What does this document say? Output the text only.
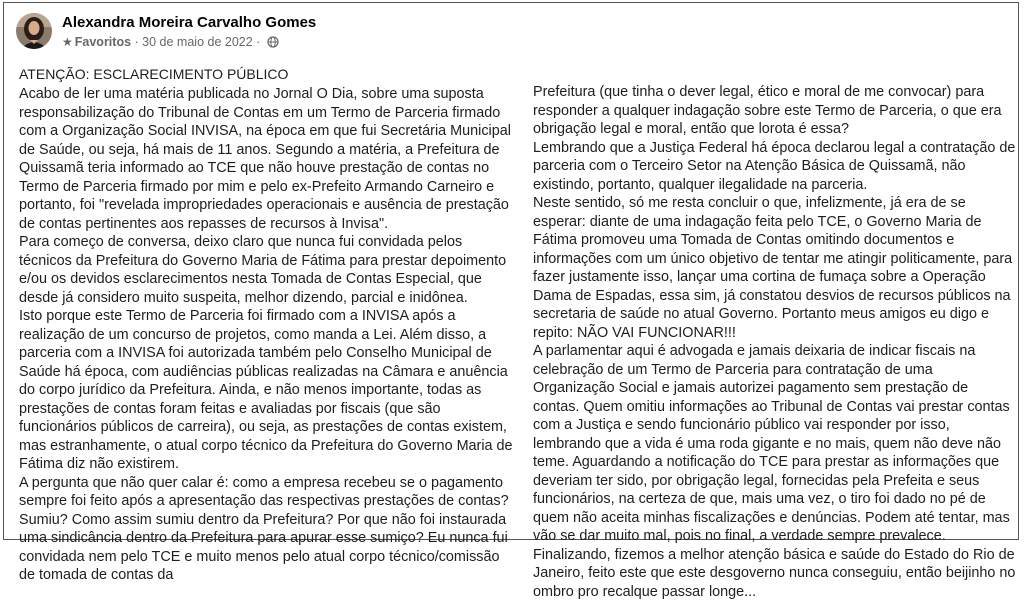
Alexandra Moreira Carvalho Gomes
★ Favoritos · 30 de maio de 2022 ·
ATENÇÃO: ESCLARECIMENTO PÚBLICO

Acabo de ler uma matéria publicada no Jornal O Dia, sobre uma suposta responsabilização do Tribunal de Contas em um Termo de Parceria firmado com a Organização Social INVISA, na época em que fui Secretária Municipal de Saúde, ou seja, há mais de 11 anos. Segundo a matéria, a Prefeitura de Quissamã teria informado ao TCE que não houve prestação de contas no Termo de Parceria firmado por mim e pelo ex-Prefeito Armando Carneiro e portanto, foi "revelada impropriedades operacionais e ausência de prestação de contas pertinentes aos repasses de recursos à Invisa".

Para começo de conversa, deixo claro que nunca fui convidada pelos técnicos da Prefeitura do Governo Maria de Fátima para prestar depoimento e/ou os devidos esclarecimentos nesta Tomada de Contas Especial, que desde já considero muito suspeita, melhor dizendo, parcial e inidônea.

Isto porque este Termo de Parceria foi firmado com a INVISA após a realização de um concurso de projetos, como manda a Lei. Além disso, a parceria com a INVISA foi autorizada também pelo Conselho Municipal de Saúde há época, com audiências públicas realizadas na Câmara e anuência do corpo jurídico da Prefeitura. Ainda, e não menos importante, todas as prestações de contas foram feitas e avaliadas por fiscais (que são funcionários públicos de carreira), ou seja, as prestações de contas existem, mas estranhamente, o atual corpo técnico da Prefeitura do Governo Maria de Fátima diz não existirem.

A pergunta que não quer calar é: como a empresa recebeu se o pagamento sempre foi feito após a apresentação das respectivas prestações de contas? Sumiu? Como assim sumiu dentro da Prefeitura? Por que não foi instaurada uma sindicância dentro da Prefeitura para apurar esse sumiço? Eu nunca fui convidada nem pelo TCE e muito menos pelo atual corpo técnico/comissão de tomada de contas da

Prefeitura (que tinha o dever legal, ético e moral de me convocar) para responder a qualquer indagação sobre este Termo de Parceria, o que era obrigação legal e moral, então que lorota é essa?

Lembrando que a Justiça Federal há época declarou legal a contratação de parceria com o Terceiro Setor na Atenção Básica de Quissamã, não existindo, portanto, qualquer ilegalidade na parceria.

Neste sentido, só me resta concluir o que, infelizmente, já era de se esperar: diante de uma indagação feita pelo TCE, o Governo Maria de Fátima promoveu uma Tomada de Contas omitindo documentos e informações com um único objetivo de tentar me atingir politicamente, para fazer justamente isso, lançar uma cortina de fumaça sobre a Operação Dama de Espadas, essa sim, já constatou desvios de recursos públicos na secretaria de saúde no atual Governo. Portanto meus amigos eu digo e repito: NÃO VAI FUNCIONAR!!!

A parlamentar aqui é advogada e jamais deixaria de indicar fiscais na celebração de um Termo de Parceria para contratação de uma Organização Social e jamais autorizei pagamento sem prestação de contas. Quem omitiu informações ao Tribunal de Contas vai prestar contas com a Justiça e sendo funcionário público vai responder por isso, lembrando que a vida é uma roda gigante e no mais, quem não deve não teme. Aguardando a notificação do TCE para prestar as informações que deveriam ter sido, por obrigação legal, fornecidas pela Prefeita e seus funcionários, na certeza de que, mais uma vez, o tiro foi dado no pé de quem não aceita minhas fiscalizações e denúncias. Podem até tentar, mas vão se dar muito mal, pois no final, a verdade sempre prevalece.

Finalizando, fizemos a melhor atenção básica e saúde do Estado do Rio de Janeiro, feito este que este desgoverno nunca conseguiu, então beijinho no ombro pro recalque passar longe...
